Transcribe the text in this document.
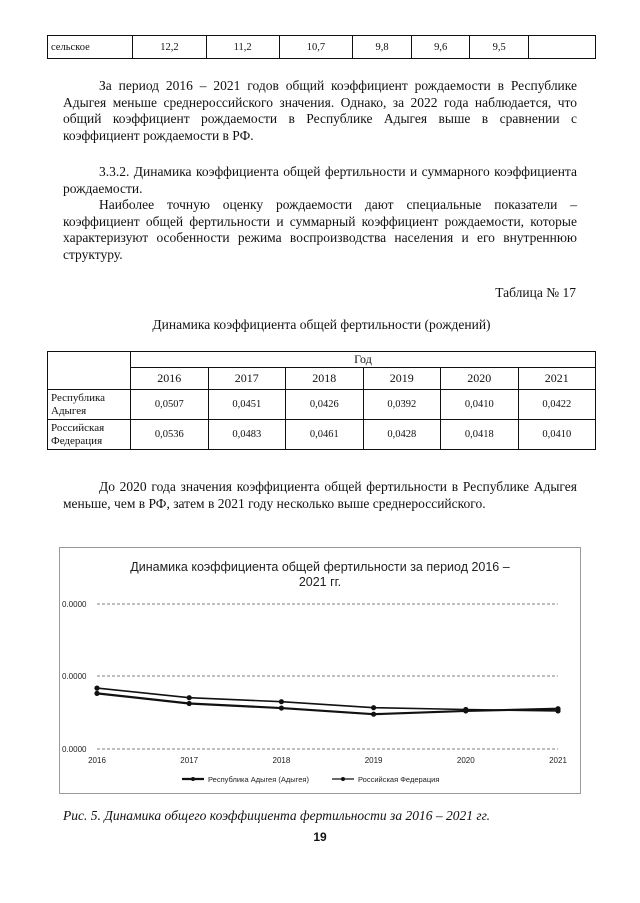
сельское	12,2	11,2	10,7	9,8	9,6	9,5	

За период 2016 – 2021 годов общий коэффициент рождаемости в Республике Адыгея меньше среднероссийского значения. Однако, за 2022 года наблюдается, что общий коэффициент рождаемости в Республике Адыгея выше в сравнении с коэффициент рождаемости в РФ.

3.3.2. Динамика коэффициента общей фертильности и суммарного коэффициента рождаемости.

Наиболее точную оценку рождаемости дают специальные показатели – коэффициент общей фертильности и суммарный коэффициент рождаемости, которые характеризуют особенности режима воспроизводства населения и его внутреннюю структуру.

Таблица № 17
Динамика коэффициента общей фертильности (рождений)
	Год					
	2016	2017	2018	2019	2020	2021
Республика Адыгея	0,0507	0,0451	0,0426	0,0392	0,0410	0,0422
Российская Федерация	0,0536	0,0483	0,0461	0,0428	0,0418	0,0410

До 2020 года значения коэффициента общей фертильности в Республике Адыгея меньше, чем в РФ, затем в 2021 году несколько выше среднероссийского.

Динамика коэффициента общей фертильности за период 2016 – 2021 гг.
0.0000
0.0000
0.0000
2016	2017	2018	2019	2020	2021
Республика Адыгея (Адыгея)	Российская Федерация
Рис. 5. Динамика общего коэффициента фертильности за 2016 – 2021 гг.
19
